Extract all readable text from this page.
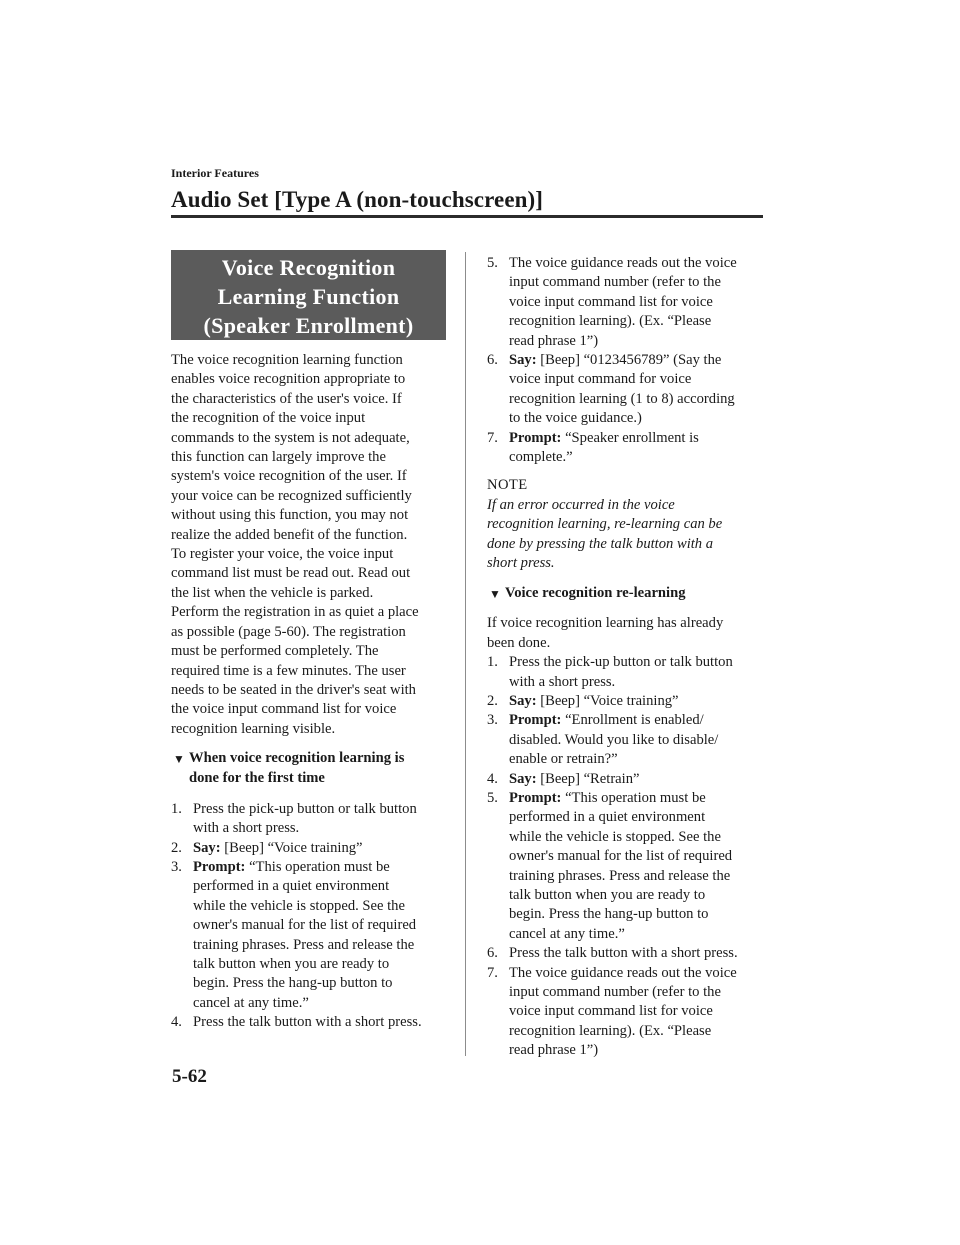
Interior Features
Audio Set [Type A (non-touchscreen)]
Voice Recognition
Learning Function
(Speaker Enrollment)
The voice recognition learning function
enables voice recognition appropriate to
the characteristics of the user's voice. If
the recognition of the voice input
commands to the system is not adequate,
this function can largely improve the
system's voice recognition of the user. If
your voice can be recognized sufficiently
without using this function, you may not
realize the added benefit of the function.
To register your voice, the voice input
command list must be read out. Read out
the list when the vehicle is parked.
Perform the registration in as quiet a place
as possible (page 5-60). The registration
must be performed completely. The
required time is a few minutes. The user
needs to be seated in the driver's seat with
the voice input command list for voice
recognition learning visible.
▼ When voice recognition learning is
done for the first time
1. Press the pick-up button or talk button
with a short press.
2. Say: [Beep] “Voice training”
3. Prompt: “This operation must be
performed in a quiet environment
while the vehicle is stopped. See the
owner's manual for the list of required
training phrases. Press and release the
talk button when you are ready to
begin. Press the hang-up button to
cancel at any time.”
4. Press the talk button with a short press.
5. The voice guidance reads out the voice
input command number (refer to the
voice input command list for voice
recognition learning). (Ex. “Please
read phrase 1”)
6. Say: [Beep] “0123456789” (Say the
voice input command for voice
recognition learning (1 to 8) according
to the voice guidance.)
7. Prompt: “Speaker enrollment is
complete.”
NOTE
If an error occurred in the voice
recognition learning, re-learning can be
done by pressing the talk button with a
short press.
▼ Voice recognition re-learning
If voice recognition learning has already
been done.
1. Press the pick-up button or talk button
with a short press.
2. Say: [Beep] “Voice training”
3. Prompt: “Enrollment is enabled/
disabled. Would you like to disable/
enable or retrain?”
4. Say: [Beep] “Retrain”
5. Prompt: “This operation must be
performed in a quiet environment
while the vehicle is stopped. See the
owner's manual for the list of required
training phrases. Press and release the
talk button when you are ready to
begin. Press the hang-up button to
cancel at any time.”
6. Press the talk button with a short press.
7. The voice guidance reads out the voice
input command number (refer to the
voice input command list for voice
recognition learning). (Ex. “Please
read phrase 1”)
5-62
